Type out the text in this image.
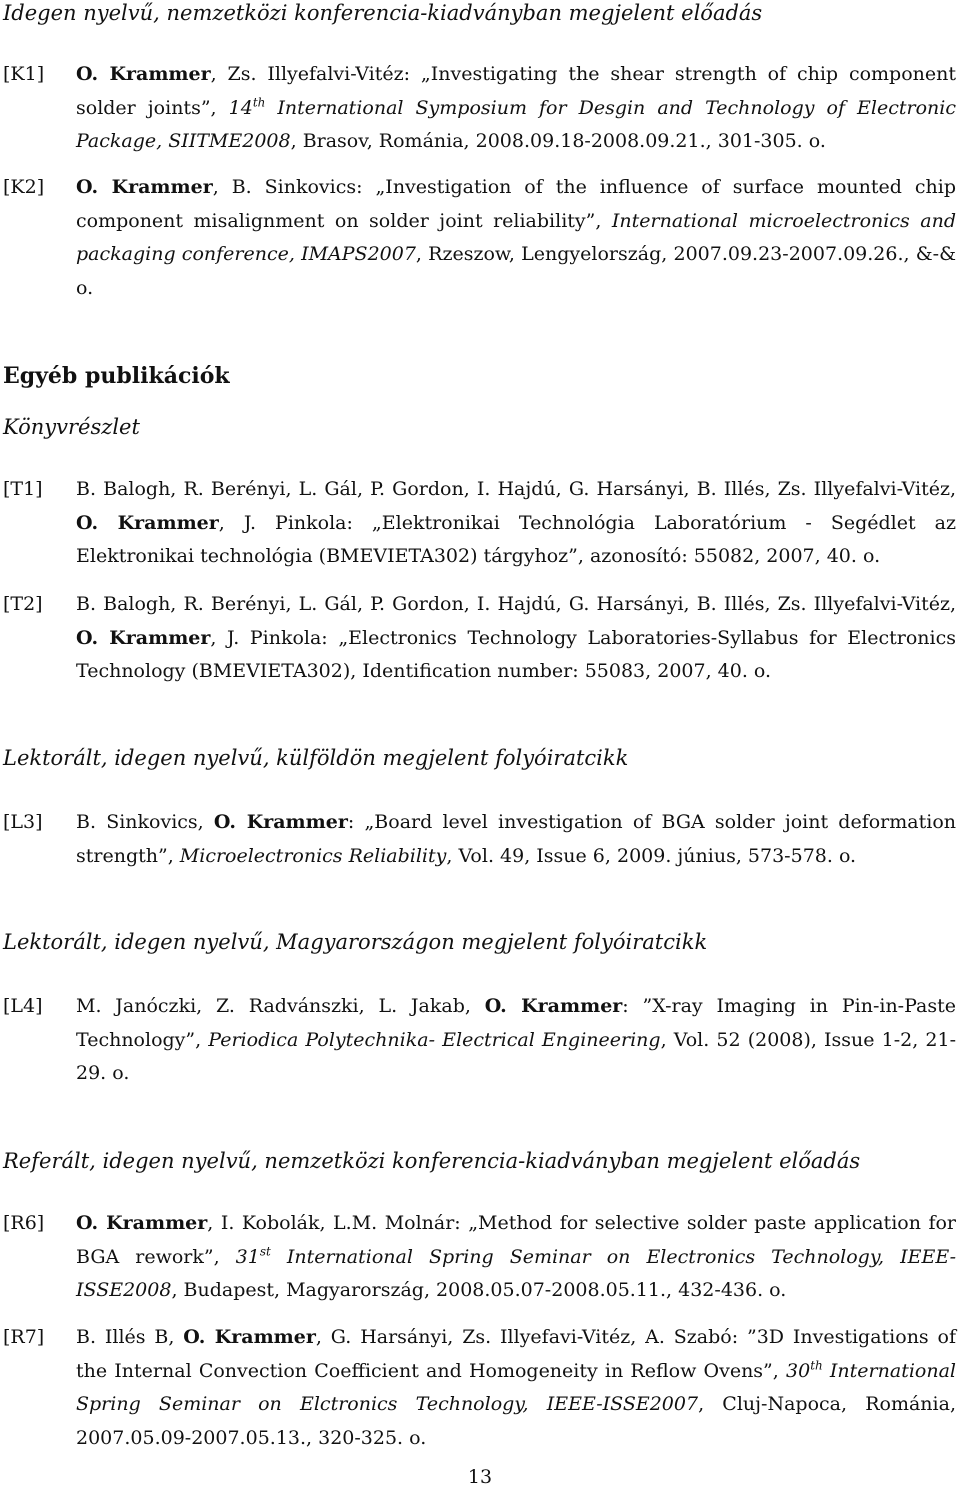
Idegen nyelvű, nemzetközi konferencia-kiadványban megjelent előadás
[K1] O. Krammer, Zs. Illyefalvi-Vitéz: „Investigating the shear strength of chip component solder joints”, 14th International Symposium for Desgin and Technology of Electronic Package, SIITME2008, Brasov, Románia, 2008.09.18-2008.09.21., 301-305. o.
[K2] O. Krammer, B. Sinkovics: „Investigation of the influence of surface mounted chip component misalignment on solder joint reliability”, International microelectronics and packaging conference, IMAPS2007, Rzeszow, Lengyelország, 2007.09.23-2007.09.26., &-& o.
Egyéb publikációk
Könyvrészlet
[T1] B. Balogh, R. Berényi, L. Gál, P. Gordon, I. Hajdú, G. Harsányi, B. Illés, Zs. Illyefalvi-Vitéz, O. Krammer, J. Pinkola: „Elektronikai Technológia Laboratórium - Segédlet az Elektronikai technológia (BMEVIETA302) tárgyhoz”, azonosító: 55082, 2007, 40. o.
[T2] B. Balogh, R. Berényi, L. Gál, P. Gordon, I. Hajdú, G. Harsányi, B. Illés, Zs. Illyefalvi-Vitéz, O. Krammer, J. Pinkola: „Electronics Technology Laboratories-Syllabus for Electronics Technology (BMEVIETA302), Identification number: 55083, 2007, 40. o.
Lektorált, idegen nyelvű, külföldön megjelent folyóiratcikk
[L3] B. Sinkovics, O. Krammer: „Board level investigation of BGA solder joint deformation strength”, Microelectronics Reliability, Vol. 49, Issue 6, 2009. június, 573-578. o.
Lektorált, idegen nyelvű, Magyarországon megjelent folyóiratcikk
[L4] M. Janóczki, Z. Radvánszki, L. Jakab, O. Krammer: ”X-ray Imaging in Pin-in-Paste Technology”, Periodica Polytechnika- Electrical Engineering, Vol. 52 (2008), Issue 1-2, 21-29. o.
Referált, idegen nyelvű, nemzetközi konferencia-kiadványban megjelent előadás
[R6] O. Krammer, I. Kobolák, L.M. Molnár: „Method for selective solder paste application for BGA rework”, 31st International Spring Seminar on Electronics Technology, IEEE-ISSE2008, Budapest, Magyarország, 2008.05.07-2008.05.11., 432-436. o.
[R7] B. Illés B, O. Krammer, G. Harsányi, Zs. Illyefavi-Vitéz, A. Szabó: ”3D Investigations of the Internal Convection Coefficient and Homogeneity in Reflow Ovens”, 30th International Spring Seminar on Elctronics Technology, IEEE-ISSE2007, Cluj-Napoca, Románia, 2007.05.09-2007.05.13., 320-325. o.
13
